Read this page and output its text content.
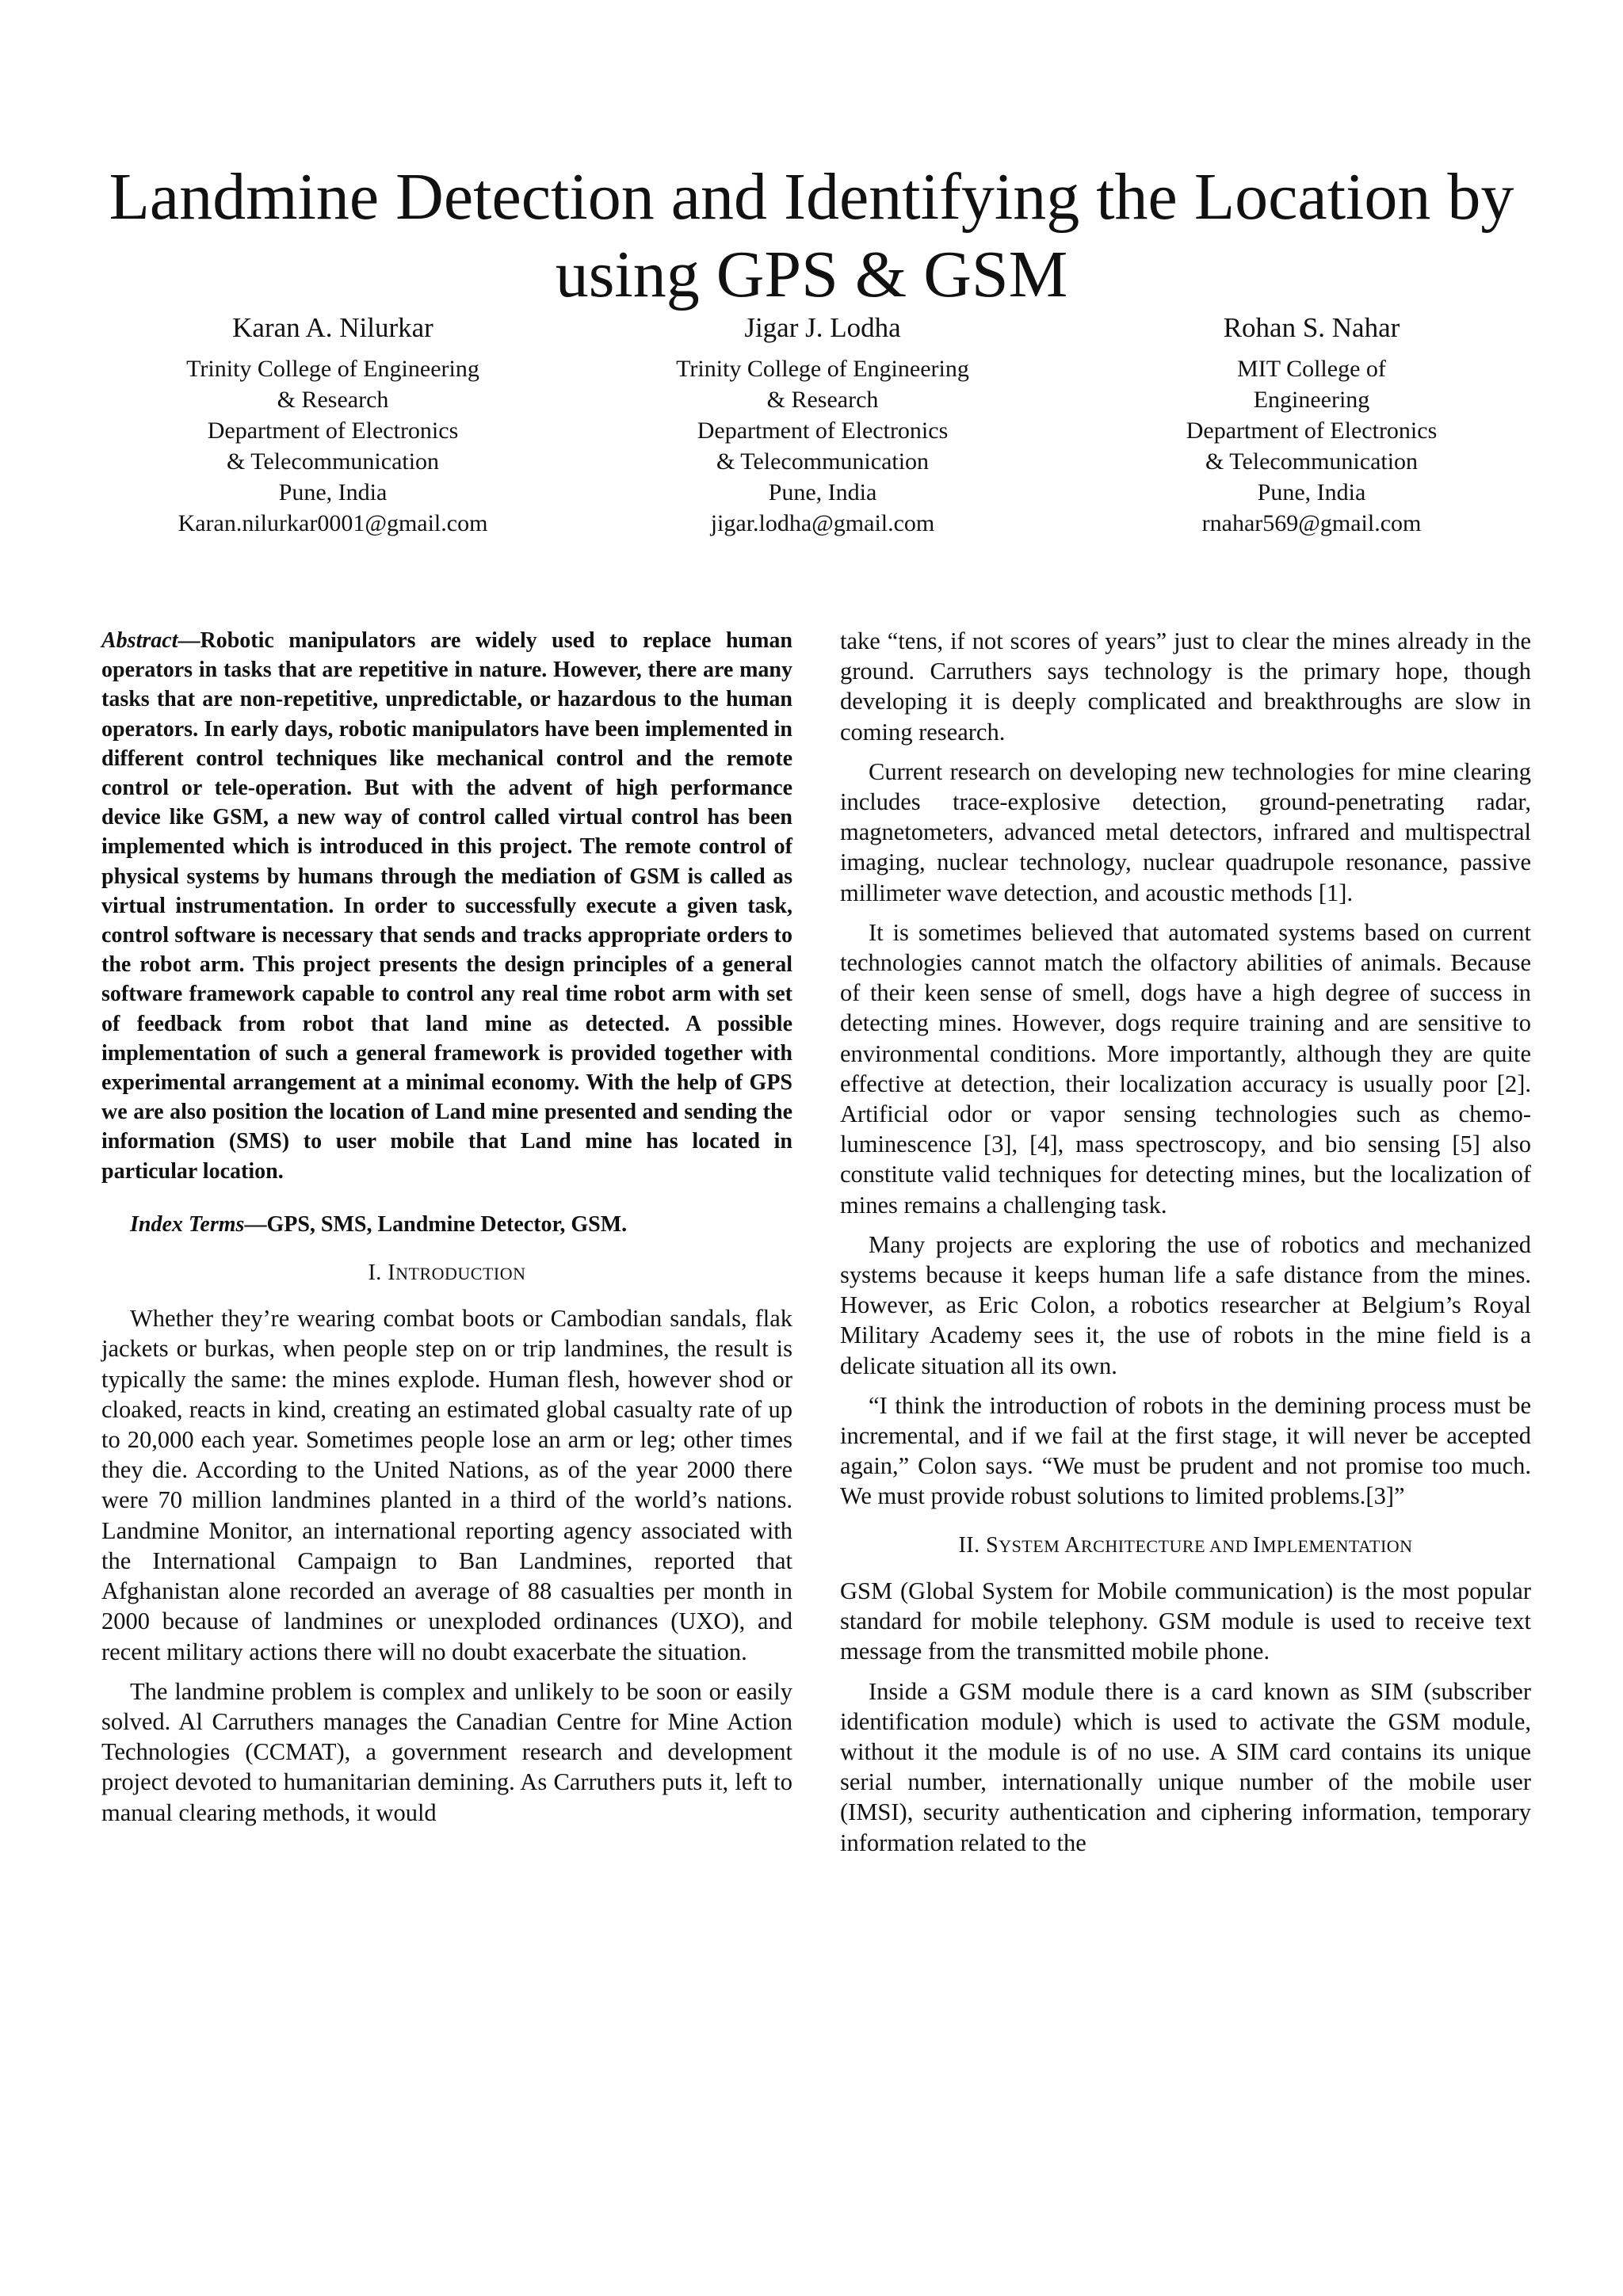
Landmine Detection and Identifying the Location by
using GPS & GSM
Karan A. Nilurkar
Trinity College of Engineering
& Research
Department of Electronics
& Telecommunication
Pune, India
Karan.nilurkar0001@gmail.com
Jigar J. Lodha
Trinity College of Engineering
& Research
Department of Electronics
& Telecommunication
Pune, India
jigar.lodha@gmail.com
Rohan S. Nahar
MIT College of
Engineering
Department of Electronics
& Telecommunication
Pune, India
rnahar569@gmail.com

Abstract—Robotic manipulators are widely used to replace human operators in tasks that are repetitive in nature. However, there are many tasks that are non-repetitive, unpredictable, or hazardous to the human operators. In early days, robotic manipulators have been implemented in different control techniques like mechanical control and the remote control or tele-operation. But with the advent of high performance device like GSM, a new way of control called virtual control has been implemented which is introduced in this project. The remote control of physical systems by humans through the mediation of GSM is called as virtual instrumentation. In order to successfully execute a given task, control software is necessary that sends and tracks appropriate orders to the robot arm. This project presents the design principles of a general software framework capable to control any real time robot arm with set of feedback from robot that land mine as detected. A possible implementation of such a general framework is provided together with experimental arrangement at a minimal economy. With the help of GPS we are also position the location of Land mine presented and sending the information (SMS) to user mobile that Land mine has located in particular location.

Index Terms—GPS, SMS, Landmine Detector, GSM.

I. INTRODUCTION

Whether they’re wearing combat boots or Cambodian sandals, flak jackets or burkas, when people step on or trip landmines, the result is typically the same: the mines explode. Human flesh, however shod or cloaked, reacts in kind, creating an estimated global casualty rate of up to 20,000 each year. Sometimes people lose an arm or leg; other times they die. According to the United Nations, as of the year 2000 there were 70 million landmines planted in a third of the world’s nations. Landmine Monitor, an international reporting agency associated with the International Campaign to Ban Landmines, reported that Afghanistan alone recorded an average of 88 casualties per month in 2000 because of landmines or unexploded ordinances (UXO), and recent military actions there will no doubt exacerbate the situation.

The landmine problem is complex and unlikely to be soon or easily solved. Al Carruthers manages the Canadian Centre for Mine Action Technologies (CCMAT), a government research and development project devoted to humanitarian demining. As Carruthers puts it, left to manual clearing methods, it would

take “tens, if not scores of years” just to clear the mines already in the ground. Carruthers says technology is the primary hope, though developing it is deeply complicated and breakthroughs are slow in coming research.

Current research on developing new technologies for mine clearing includes trace-explosive detection, ground-penetrating radar, magnetometers, advanced metal detectors, infrared and multispectral imaging, nuclear technology, nuclear quadrupole resonance, passive millimeter wave detection, and acoustic methods [1].

It is sometimes believed that automated systems based on current technologies cannot match the olfactory abilities of animals. Because of their keen sense of smell, dogs have a high degree of success in detecting mines. However, dogs require training and are sensitive to environmental conditions. More importantly, although they are quite effective at detection, their localization accuracy is usually poor [2]. Artificial odor or vapor sensing technologies such as chemo-luminescence [3], [4], mass spectroscopy, and bio sensing [5] also constitute valid techniques for detecting mines, but the localization of mines remains a challenging task.

Many projects are exploring the use of robotics and mechanized systems because it keeps human life a safe distance from the mines. However, as Eric Colon, a robotics researcher at Belgium’s Royal Military Academy sees it, the use of robots in the mine field is a delicate situation all its own.

“I think the introduction of robots in the demining process must be incremental, and if we fail at the first stage, it will never be accepted again,” Colon says. “We must be prudent and not promise too much. We must provide robust solutions to limited problems.[3]”

II. SYSTEM ARCHITECTURE AND IMPLEMENTATION

GSM (Global System for Mobile communication) is the most popular standard for mobile telephony. GSM module is used to receive text message from the transmitted mobile phone.

Inside a GSM module there is a card known as SIM (subscriber identification module) which is used to activate the GSM module, without it the module is of no use. A SIM card contains its unique serial number, internationally unique number of the mobile user (IMSI), security authentication and ciphering information, temporary information related to the
